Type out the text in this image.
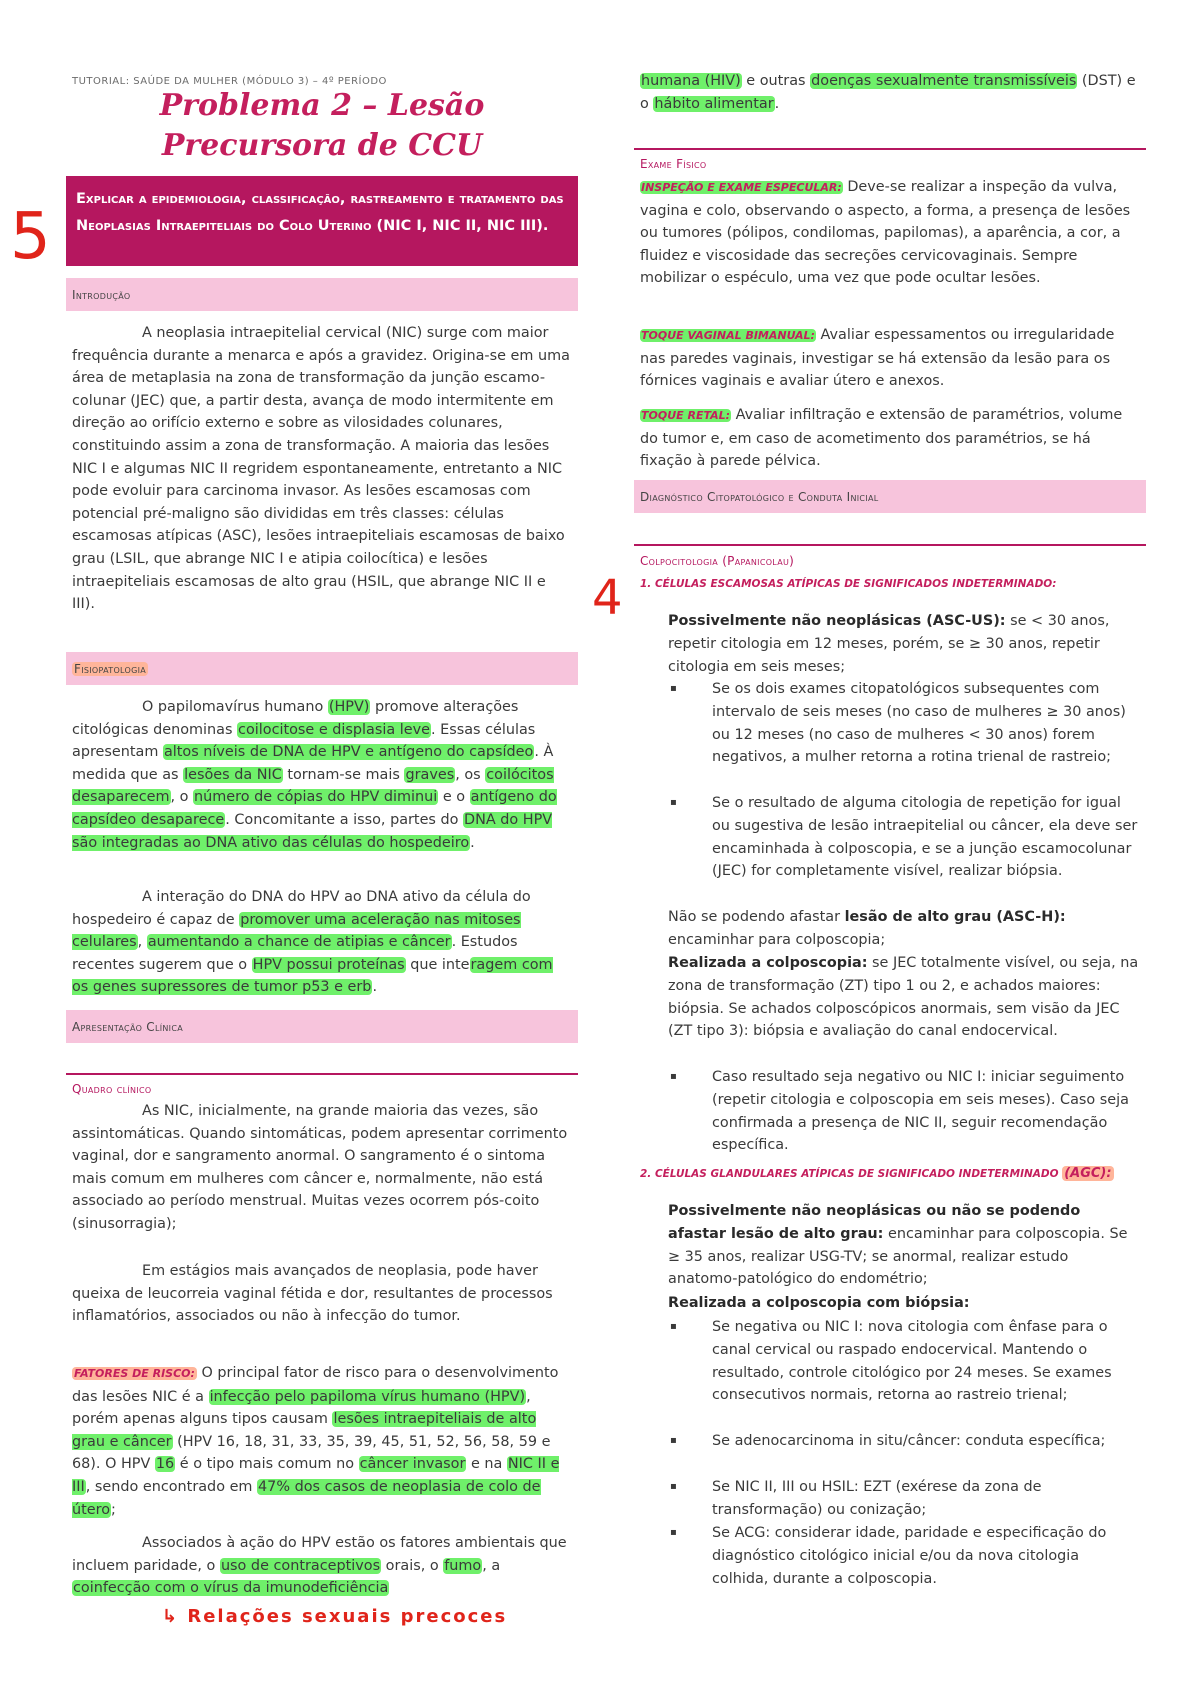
TUTORIAL: SAÚDE DA MULHER (MÓDULO 3) – 4º PERÍODO
Problema 2 – Lesão Precursora de CCU
Explicar a epidemiologia, classificação, rastreamento e tratamento das Neoplasias Intraepiteliais do Colo Uterino (NIC I, NIC II, NIC III).
Introdução

A neoplasia intraepitelial cervical (NIC) surge com maior frequência durante a menarca e após a gravidez. Origina-se em uma área de metaplasia na zona de transformação da junção escamo-colunar (JEC) que, a partir desta, avança de modo intermitente em direção ao orifício externo e sobre as vilosidades colunares, constituindo assim a zona de transformação. A maioria das lesões NIC I e algumas NIC II regridem espontaneamente, entretanto a NIC pode evoluir para carcinoma invasor. As lesões escamosas com potencial pré-maligno são divididas em três classes: células escamosas atípicas (ASC), lesões intraepiteliais escamosas de baixo grau (LSIL, que abrange NIC I e atipia coilocítica) e lesões intraepiteliais escamosas de alto grau (HSIL, que abrange NIC II e III).

Fisiopatologia

O papilomavírus humano (HPV) promove alterações citológicas denominas coilocitose e displasia leve. Essas células apresentam altos níveis de DNA de HPV e antígeno do capsídeo. À medida que as lesões da NIC tornam-se mais graves, os coilócitos desaparecem, o número de cópias do HPV diminui e o antígeno do capsídeo desaparece. Concomitante a isso, partes do DNA do HPV são integradas ao DNA ativo das células do hospedeiro.

A interação do DNA do HPV ao DNA ativo da célula do hospedeiro é capaz de promover uma aceleração nas mitoses celulares, aumentando a chance de atipias e câncer. Estudos recentes sugerem que o HPV possui proteínas que interagem com os genes supressores de tumor p53 e erb.

Apresentação Clínica
Quadro clínico

As NIC, inicialmente, na grande maioria das vezes, são assintomáticas. Quando sintomáticas, podem apresentar corrimento vaginal, dor e sangramento anormal. O sangramento é o sintoma mais comum em mulheres com câncer e, normalmente, não está associado ao período menstrual. Muitas vezes ocorrem pós-coito (sinusorragia);

Em estágios mais avançados de neoplasia, pode haver queixa de leucorreia vaginal fétida e dor, resultantes de processos inflamatórios, associados ou não à infecção do tumor.

FATORES DE RISCO: O principal fator de risco para o desenvolvimento das lesões NIC é a infecção pelo papiloma vírus humano (HPV), porém apenas alguns tipos causam lesões intraepiteliais de alto grau e câncer (HPV 16, 18, 31, 33, 35, 39, 45, 51, 52, 56, 58, 59 e 68). O HPV 16 é o tipo mais comum no câncer invasor e na NIC II e III, sendo encontrado em 47% dos casos de neoplasia de colo de útero;

Associados à ação do HPV estão os fatores ambientais que incluem paridade, o uso de contraceptivos orais, o fumo, a coinfecção com o vírus da imunodeficiência

humana (HIV) e outras doenças sexualmente transmissíveis (DST) e o hábito alimentar.

Exame Físico

INSPEÇÃO E EXAME ESPECULAR: Deve-se realizar a inspeção da vulva, vagina e colo, observando o aspecto, a forma, a presença de lesões ou tumores (pólipos, condilomas, papilomas), a aparência, a cor, a fluidez e viscosidade das secreções cervicovaginais. Sempre mobilizar o espéculo, uma vez que pode ocultar lesões.

TOQUE VAGINAL BIMANUAL: Avaliar espessamentos ou irregularidade nas paredes vaginais, investigar se há extensão da lesão para os fórnices vaginais e avaliar útero e anexos.

TOQUE RETAL: Avaliar infiltração e extensão de paramétrios, volume do tumor e, em caso de acometimento dos paramétrios, se há fixação à parede pélvica.

Diagnóstico Citopatológico e Conduta Inicial
Colpocitologia (Papanicolau)
1. CÉLULAS ESCAMOSAS ATÍPICAS DE SIGNIFICADOS INDETERMINADO:

Possivelmente não neoplásicas (ASC-US): se < 30 anos, repetir citologia em 12 meses, porém, se ≥ 30 anos, repetir citologia em seis meses;

▪ Se os dois exames citopatológicos subsequentes com intervalo de seis meses (no caso de mulheres ≥ 30 anos) ou 12 meses (no caso de mulheres < 30 anos) forem negativos, a mulher retorna a rotina trienal de rastreio;

▪ Se o resultado de alguma citologia de repetição for igual ou sugestiva de lesão intraepitelial ou câncer, ela deve ser encaminhada à colposcopia, e se a junção escamocolunar (JEC) for completamente visível, realizar biópsia.

Não se podendo afastar lesão de alto grau (ASC-H): encaminhar para colposcopia;

Realizada a colposcopia: se JEC totalmente visível, ou seja, na zona de transformação (ZT) tipo 1 ou 2, e achados maiores: biópsia. Se achados colposcópicos anormais, sem visão da JEC (ZT tipo 3): biópsia e avaliação do canal endocervical.

▪ Caso resultado seja negativo ou NIC I: iniciar seguimento (repetir citologia e colposcopia em seis meses). Caso seja confirmada a presença de NIC II, seguir recomendação específica.

2. CÉLULAS GLANDULARES ATÍPICAS DE SIGNIFICADO INDETERMINADO (AGC):

Possivelmente não neoplásicas ou não se podendo afastar lesão de alto grau: encaminhar para colposcopia. Se ≥ 35 anos, realizar USG-TV; se anormal, realizar estudo anatomo-patológico do endométrio;

Realizada a colposcopia com biópsia:

▪ Se negativa ou NIC I: nova citologia com ênfase para o canal cervical ou raspado endocervical. Mantendo o resultado, controle citológico por 24 meses. Se exames consecutivos normais, retorna ao rastreio trienal;

▪ Se adenocarcinoma in situ/câncer: conduta específica;

▪ Se NIC II, III ou HSIL: EZT (exérese da zona de transformação) ou conização;

▪ Se ACG: considerar idade, paridade e especificação do diagnóstico citológico inicial e/ou da nova citologia colhida, durante a colposcopia.

5
4
↳ Relações sexuais precoces
